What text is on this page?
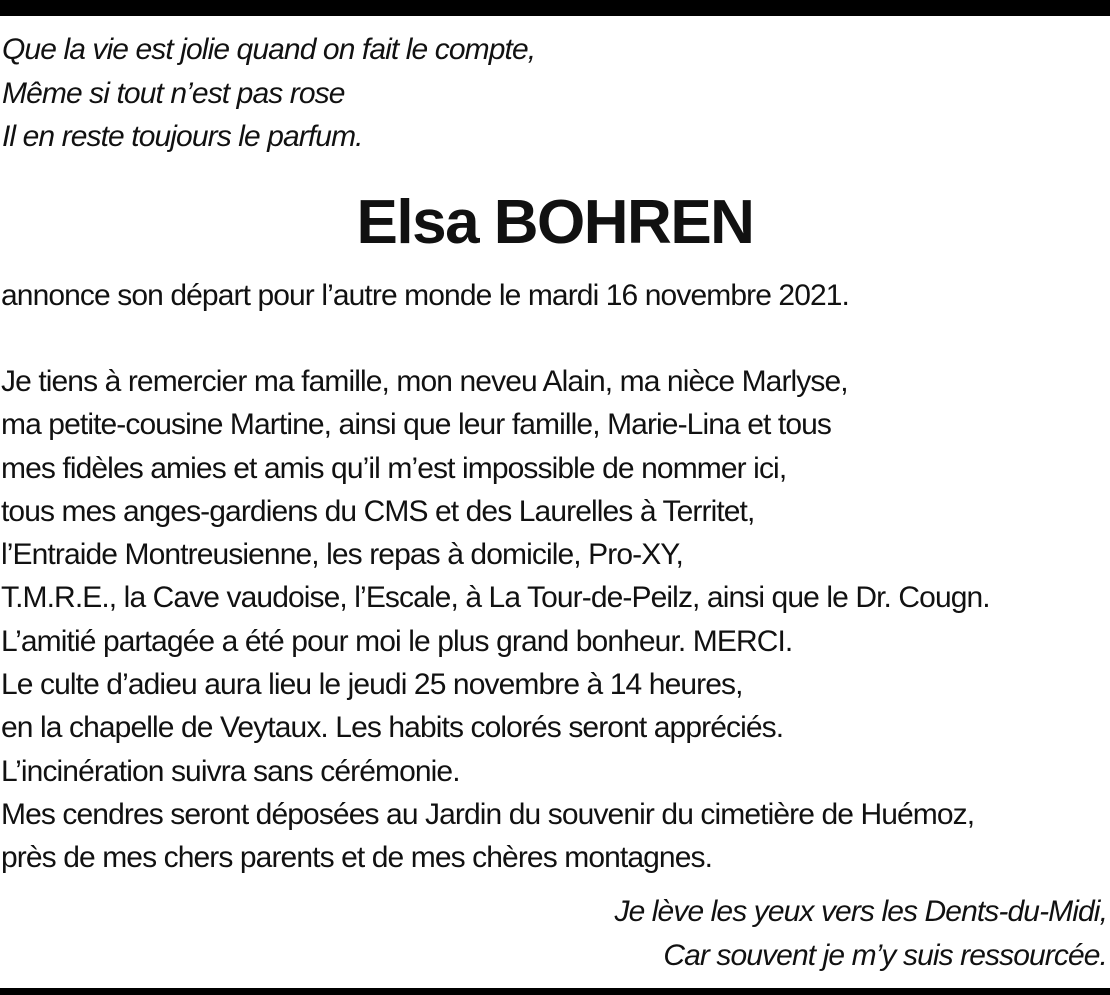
Que la vie est jolie quand on fait le compte,
Même si tout n’est pas rose
Il en reste toujours le parfum.
Elsa BOHREN
annonce son départ pour l’autre monde le mardi 16 novembre 2021.
Je tiens à remercier ma famille, mon neveu Alain, ma nièce Marlyse,
ma petite-cousine Martine, ainsi que leur famille, Marie-Lina et tous
mes fidèles amies et amis qu’il m’est impossible de nommer ici,
tous mes anges-gardiens du CMS et des Laurelles à Territet,
l’Entraide Montreusienne, les repas à domicile, Pro-XY,
T.M.R.E., la Cave vaudoise, l’Escale, à La Tour-de-Peilz, ainsi que le Dr. Cougn.
L’amitié partagée a été pour moi le plus grand bonheur. MERCI.
Le culte d’adieu aura lieu le jeudi 25 novembre à 14 heures,
en la chapelle de Veytaux. Les habits colorés seront appréciés.
L’incinération suivra sans cérémonie.
Mes cendres seront déposées au Jardin du souvenir du cimetière de Huémoz,
près de mes chers parents et de mes chères montagnes.
Je lève les yeux vers les Dents-du-Midi,
Car souvent je m’y suis ressourcée.
